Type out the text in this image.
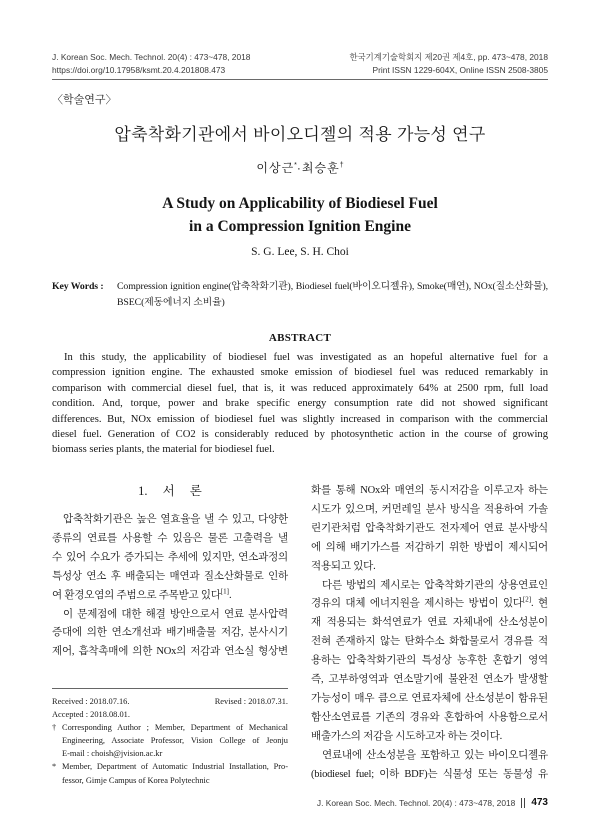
J. Korean Soc. Mech. Technol. 20(4) : 473~478, 2018
https://doi.org/10.17958/ksmt.20.4.201808.473
한국기계기술학회지 제20권 제4호, pp. 473~478, 2018
Print ISSN 1229-604X, Online ISSN 2508-3805
〈학술연구〉
압축착화기관에서 바이오디젤의 적용 가능성 연구
이상근*·최승훈†
A Study on Applicability of Biodiesel Fuel
in a Compression Ignition Engine
S. G. Lee, S. H. Choi
Key Words :	Compression ignition engine(압축착화기관), Biodiesel fuel(바이오디젤유), Smoke(매연), NOx(질소산화물),
BSEC(제동에너지 소비율)
ABSTRACT
In this study, the applicability of biodiesel fuel was investigated as an hopeful alternative fuel for a
compression ignition engine. The exhausted smoke emission of biodiesel fuel was reduced remarkably in
comparison with commercial diesel fuel, that is, it was reduced approximately 64% at 2500 rpm, full load
condition. And, torque, power and brake specific energy consumption rate did not showed significant
differences. But, NOx emission of biodiesel fuel was slightly increased in comparison with the commercial
diesel fuel. Generation of CO2 is considerably reduced by photosynthetic action in the course of growing
biomass series plants, the material for biodiesel fuel.
1. 서 론
압축착화기관은 높은 열효율을 낼 수 있고, 다양한
종류의 연료를 사용할 수 있음은 물론 고출력을 낼
수 있어 수요가 증가되는 추세에 있지만, 연소과정의
특성상 연소 후 배출되는 매연과 질소산화물로 인하
여 환경오염의 주범으로 주목받고 있다[1].
이 문제점에 대한 해결 방안으로서 연료 분사압력
증대에 의한 연소개선과 배기배출물 저감, 분사시기
제어, 흡착촉매에 의한 NOx의 저감과 연소실 형상변
화를 통해 NOx와 매연의 동시저감을 이루고자 하는
시도가 있으며, 커먼레일 분사 방식을 적용하여 가솔
린기관처럼 압축착화기관도 전자제어 연료 분사방식
에 의해 배기가스를 저감하기 위한 방법이 제시되어
적용되고 있다.
다른 방법의 제시로는 압축착화기관의 상용연료인
경유의 대체 에너지원을 제시하는 방법이 있다[2]. 현
재 적용되는 화석연료가 연료 자체내에 산소성분이
전혀 존재하지 않는 탄화수소 화합물로서 경유를 적
용하는 압축착화기관의 특성상 농후한 혼합기 영역
즉, 고부하영역과 연소말기에 불완전 연소가 발생할
가능성이 매우 큼으로 연료자체에 산소성분이 함유된
함산소연료를 기존의 경유와 혼합하여 사용함으로서
배출가스의 저감을 시도하고자 하는 것이다.
연료내에 산소성분을 포함하고 있는 바이오디젤유
(biodiesel fuel; 이하 BDF)는 식물성 또는 동물성 유
Received : 2018.07.16.	Revised : 2018.07.31.
Accepted : 2018.08.01.
† Corresponding Author ; Member, Department of Mechanical
Engineering, Associate Professor, Vision College of Jeonju
E-mail : choish@jvision.ac.kr
* Member, Department of Automatic Industrial Installation, Pro-
fessor, Gimje Campus of Korea Polytechnic
J. Korean Soc. Mech. Technol. 20(4) : 473~478, 2018 473
